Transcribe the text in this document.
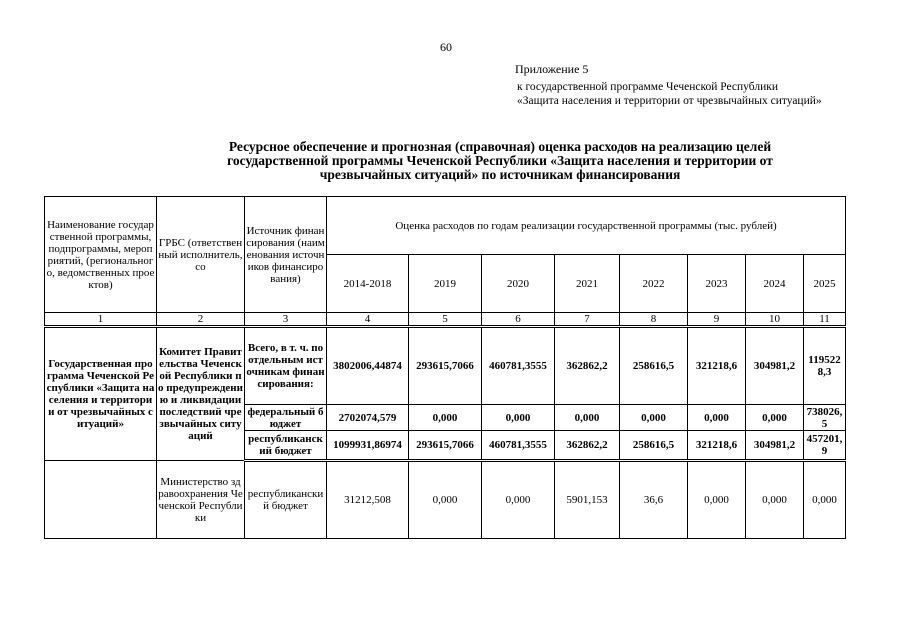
60
Приложение 5
к государственной программе Чеченской Республики
«Защита населения и территории от чрезвычайных ситуаций»
Ресурсное обеспечение и прогнозная (справочная) оценка расходов на реализацию целей
государственной программы Чеченской Республики «Защита населения и территории от
чрезвычайных ситуаций» по источникам финансирования
Наименование государственной программы, подпрограммы, мероприятий, (регионального, ведомственных проектов)	ГРБС (ответственный исполнитель, со	Источник финансирования (наименования источников финансирования)	Оценка расходов по годам реализации государственной программы (тыс. рублей)							
			2014-2018	2019	2020	2021	2022	2023	2024	2025
1	2	3	4	5	6	7	8	9	10	11
Государственная программа Чеченской Республики «Защита населения и территории от чрезвычайных ситуаций»	Комитет Правительства Чеченской Республики по предупреждению и ликвидации последствий чрезвычайных ситуаций	Всего, в т. ч. по отдельным источникам финансирования:	3802006,44874	293615,7066	460781,3555	362862,2	258616,5	321218,6	304981,2	1195228,3
		федеральный бюджет	2702074,579	0,000	0,000	0,000	0,000	0,000	0,000	738026,5
		республиканский бюджет	1099931,86974	293615,7066	460781,3555	362862,2	258616,5	321218,6	304981,2	457201,9
	Министерство здравоохранения Чеченской Республики	республиканский бюджет	31212,508	0,000	0,000	5901,153	36,6	0,000	0,000	0,000
